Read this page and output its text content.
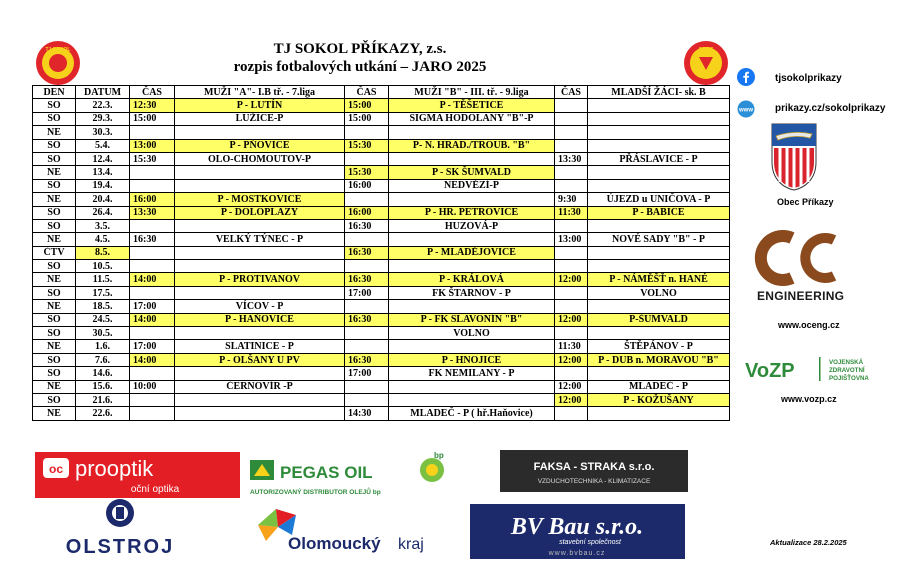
TJ SOKOL PŘÍKAZY, z.s.
rozpis fotbalových utkání – JARO 2025
TJ SOKOL	OBEC
DEN	DATUM	ČAS	MUŽI "A"- I.B tř. - 7.liga	ČAS	MUŽI "B" - III. tř. - 9.liga	ČAS	MLADŠÍ ŽÁCI- sk. B
SO	22.3.	12:30	P - LUTÍN	15:00	P - TĚŠETICE		
SO	29.3.	15:00	LUŽICE-P	15:00	SIGMA HODOLANY "B"-P		
NE	30.3.						
SO	5.4.	13:00	P - PŇOVICE	15:30	P- N. HRAD./TROUB. "B"		
SO	12.4.	15:30	OLO-CHOMOUTOV-P			13:30	PŘÁSLAVICE - P
NE	13.4.			15:30	P - SK ŠUMVALD		
SO	19.4.			16:00	NEDVĚZÍ-P		
NE	20.4.	16:00	P - MOSTKOVICE			9:30	ÚJEZD u UNIČOVA - P
SO	26.4.	13:30	P - DOLOPLAZY	16:00	P - HR. PETROVICE	11:30	P - BABICE
SO	3.5.			16:30	HUZOVÁ-P		
NE	4.5.	16:30	VELKÝ TÝNEC - P			13:00	NOVÉ SADY "B" - P
ČTV	8.5.			16:30	P - MLADĚJOVICE		
SO	10.5.						
NE	11.5.	14:00	P - PROTIVANOV	16:30	P - KRÁLOVÁ	12:00	P - NÁMĚŠŤ n. HANÉ
SO	17.5.			17:00	FK ŠTARNOV - P		VOLNO
NE	18.5.	17:00	VÍCOV - P				
SO	24.5.	14:00	P - HAŇOVICE	16:30	P - FK SLAVONÍN "B"	12:00	P-ŠUMVALD
SO	30.5.				VOLNO		
NE	1.6.	17:00	SLATINICE - P			11:30	ŠTĚPÁNOV - P
SO	7.6.	14:00	P - OLŠANY U PV	16:30	P - HNOJICE	12:00	P - DUB n. MORAVOU "B"
SO	14.6.			17:00	FK NEMILANY - P		
NE	15.6.	10:00	ČERNOVÍR -P			12:00	MLADEČ - P
SO	21.6.					12:00	P - KOŽUŠANY
NE	22.6.			14:30	MLADEČ - P ( hř.Haňovice)		
tjsokolprikazy
www prikazy.cz/sokolprikazy
Obec Příkazy
ENGINEERING
www.oceng.cz
VoZP	VOJENSKÁ
ZDRAVOTNÍ
POJIŠŤOVNA
www.vozp.cz
oc prooptik
oční optika
PEGAS OIL
bp
AUTORIZOVANÝ DISTRIBUTOR OLEJŮ bp
FAKSA - STRAKA s.r.o.
VZDUCHOTECHNIKA - KLIMATIZACE
OLSTROJ	Olomoucký kraj
BV Bau s.r.o.
stavební společnost
www.bvbau.cz
Aktualizace 28.2.2025
